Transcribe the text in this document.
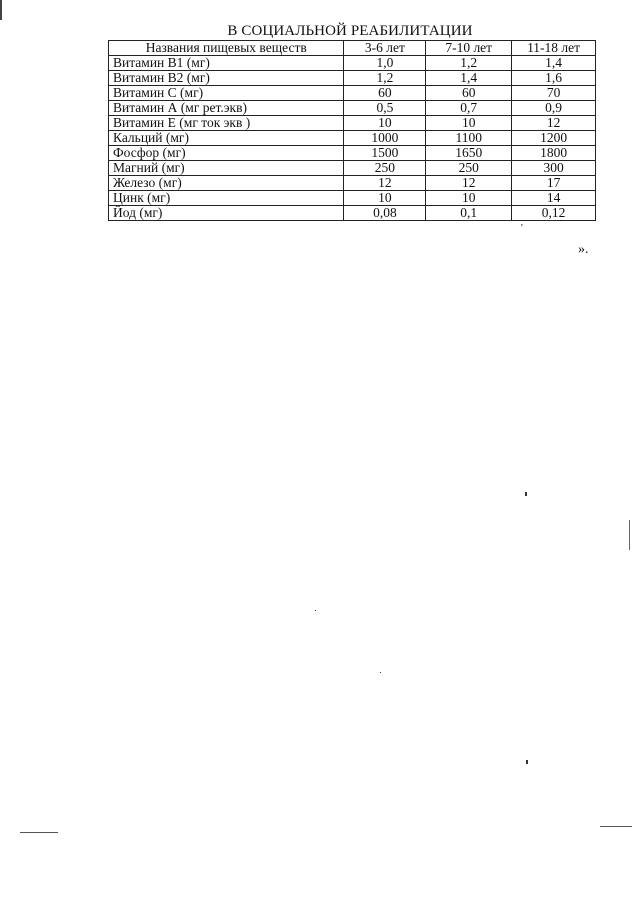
В СОЦИАЛЬНОЙ РЕАБИЛИТАЦИИ
Названия пищевых веществ	3-6 лет	7-10 лет	11-18 лет
Витамин В1 (мг)	1,0	1,2	1,4
Витамин В2 (мг)	1,2	1,4	1,6
Витамин С (мг)	60	60	70
Витамин А (мг рет.экв)	0,5	0,7	0,9
Витамин Е (мг ток экв )	10	10	12
Кальций (мг)	1000	1100	1200
Фосфор (мг)	1500	1650	1800
Магний (мг)	250	250	300
Железо (мг)	12	12	17
Цинк (мг)	10	10	14
Йод (мг)	0,08	0,1	0,12
'
».
